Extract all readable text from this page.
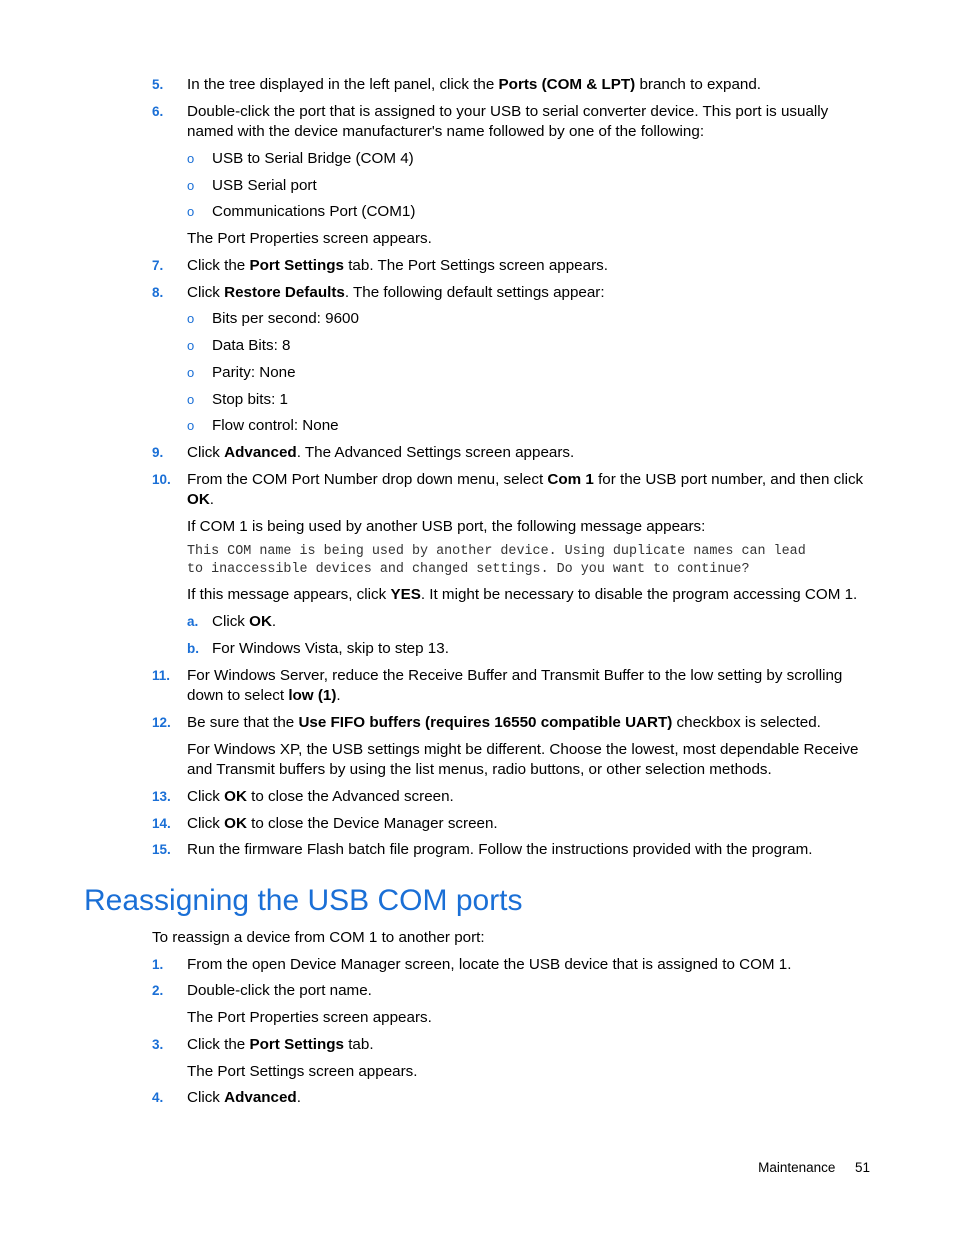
5.	In the tree displayed in the left panel, click the Ports (COM & LPT) branch to expand.
6.	Double-click the port that is assigned to your USB to serial converter device. This port is usually named with the device manufacturer's name followed by one of the following:
o USB to Serial Bridge (COM 4)
o USB Serial port
o Communications Port (COM1)
The Port Properties screen appears.
7.	Click the Port Settings tab. The Port Settings screen appears.
8.	Click Restore Defaults. The following default settings appear:
o Bits per second: 9600
o Data Bits: 8
o Parity: None
o Stop bits: 1
o Flow control: None
9.	Click Advanced. The Advanced Settings screen appears.
10.	From the COM Port Number drop down menu, select Com 1 for the USB port number, and then click OK.
If COM 1 is being used by another USB port, the following message appears:
This COM name is being used by another device. Using duplicate names can lead
to inaccessible devices and changed settings. Do you want to continue?
If this message appears, click YES. It might be necessary to disable the program accessing COM 1.
a. Click OK.
b. For Windows Vista, skip to step 13.
11.	For Windows Server, reduce the Receive Buffer and Transmit Buffer to the low setting by scrolling down to select low (1).
12.	Be sure that the Use FIFO buffers (requires 16550 compatible UART) checkbox is selected.
For Windows XP, the USB settings might be different. Choose the lowest, most dependable Receive and Transmit buffers by using the list menus, radio buttons, or other selection methods.
13.	Click OK to close the Advanced screen.
14.	Click OK to close the Device Manager screen.
15.	Run the firmware Flash batch file program. Follow the instructions provided with the program.
Reassigning the USB COM ports
To reassign a device from COM 1 to another port:
1.	From the open Device Manager screen, locate the USB device that is assigned to COM 1.
2.	Double-click the port name.
The Port Properties screen appears.
3.	Click the Port Settings tab.
The Port Settings screen appears.
4.	Click Advanced.
Maintenance 51
